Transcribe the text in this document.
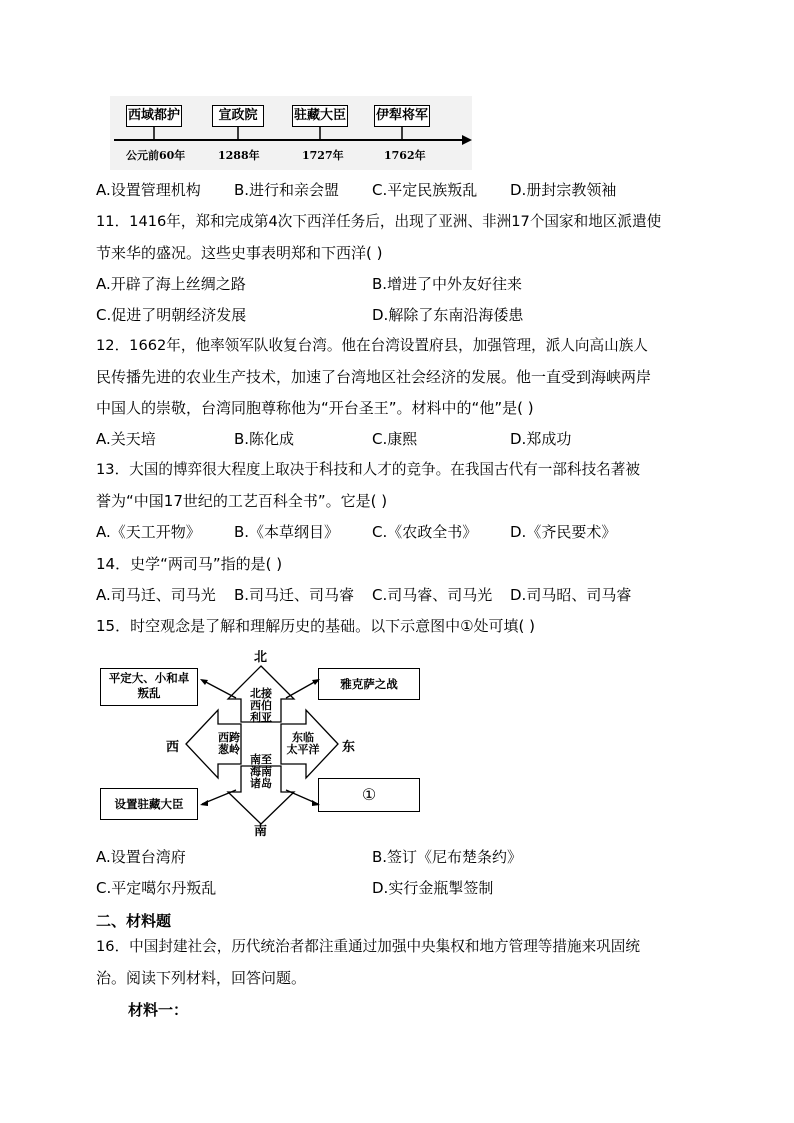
西域都护	宣政院	驻藏大臣 伊犁将军
公元前60年	1288年	1727年	1762年
A.设置管理机构 B.进行和亲会盟 C.平定民族叛乱 D.册封宗教领袖
11．1416年，郑和完成第4次下西洋任务后，出现了亚洲、非洲17个国家和地区派遣使
节来华的盛况。这些史事表明郑和下西洋( )
A.开辟了海上丝绸之路	B.增进了中外友好往来
C.促进了明朝经济发展	D.解除了东南沿海倭患
12．1662年，他率领军队收复台湾。他在台湾设置府县，加强管理，派人向高山族人
民传播先进的农业生产技术，加速了台湾地区社会经济的发展。他一直受到海峡两岸
中国人的崇敬，台湾同胞尊称他为“开台圣王”。材料中的“他”是( )
A.关天培	B.陈化成	C.康熙	D.郑成功
13．大国的博弈很大程度上取决于科技和人才的竞争。在我国古代有一部科技名著被
誉为“中国17世纪的工艺百科全书”。它是( )
A.《天工开物》 B.《本草纲目》 C.《农政全书》 D.《齐民要术》
14．史学“两司马”指的是( )
A.司马迁、司马光 B.司马迁、司马睿 C.司马睿、司马光 D.司马昭、司马睿
15．时空观念是了解和理解历史的基础。以下示意图中①处可填( )
北
南
西	东
北接
西伯
利亚
西跨
葱岭
东临
太平洋
南至
海南
诸岛
平定大、小和卓
叛乱
雅克萨之战
设置驻藏大臣	①
A.设置台湾府	B.签订《尼布楚条约》
C.平定噶尔丹叛乱	D.实行金瓶掣签制
二、材料题
16．中国封建社会，历代统治者都注重通过加强中央集权和地方管理等措施来巩固统
治。阅读下列材料，回答问题。
材料一：
